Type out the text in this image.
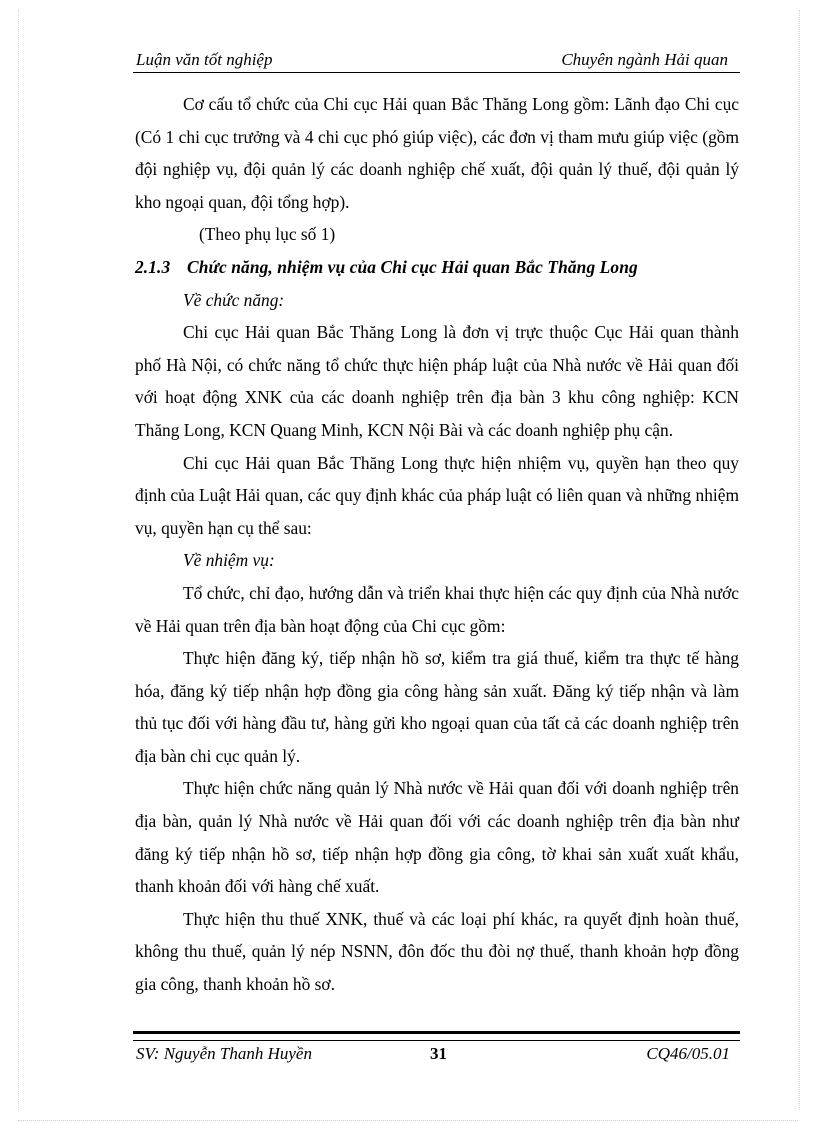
Luận văn tốt nghiệp	Chuyên ngành Hải quan

Cơ cấu tổ chức của Chi cục Hải quan Bắc Thăng Long gồm: Lãnh đạo Chi cục (Có 1 chi cục trưởng và 4 chi cục phó giúp việc), các đơn vị tham mưu giúp việc (gồm đội nghiệp vụ, đội quản lý các doanh nghiệp chế xuất, đội quản lý thuế, đội quản lý kho ngoại quan, đội tổng hợp).

(Theo phụ lục số 1)

2.1.3 Chức năng, nhiệm vụ của Chi cục Hải quan Bắc Thăng Long

Về chức năng:

Chi cục Hải quan Bắc Thăng Long là đơn vị trực thuộc Cục Hải quan thành phố Hà Nội, có chức năng tổ chức thực hiện pháp luật của Nhà nước về Hải quan đối với hoạt động XNK của các doanh nghiệp trên địa bàn 3 khu công nghiệp: KCN Thăng Long, KCN Quang Minh, KCN Nội Bài và các doanh nghiệp phụ cận.

Chi cục Hải quan Bắc Thăng Long thực hiện nhiệm vụ, quyền hạn theo quy định của Luật Hải quan, các quy định khác của pháp luật có liên quan và những nhiệm vụ, quyền hạn cụ thể sau:

Về nhiệm vụ:

Tổ chức, chỉ đạo, hướng dẫn và triển khai thực hiện các quy định của Nhà nước về Hải quan trên địa bàn hoạt động của Chi cục gồm:

Thực hiện đăng ký, tiếp nhận hồ sơ, kiểm tra giá thuế, kiểm tra thực tế hàng hóa, đăng ký tiếp nhận hợp đồng gia công hàng sản xuất. Đăng ký tiếp nhận và làm thủ tục đối với hàng đầu tư, hàng gửi kho ngoại quan của tất cả các doanh nghiệp trên địa bàn chi cục quản lý.

Thực hiện chức năng quản lý Nhà nước về Hải quan đối với doanh nghiệp trên địa bàn, quản lý Nhà nước về Hải quan đối với các doanh nghiệp trên địa bàn như đăng ký tiếp nhận hồ sơ, tiếp nhận hợp đồng gia công, tờ khai sản xuất xuất khẩu, thanh khoản đối với hàng chế xuất.

Thực hiện thu thuế XNK, thuế và các loại phí khác, ra quyết định hoàn thuế, không thu thuế, quản lý nép NSNN, đôn đốc thu đòi nợ thuế, thanh khoản hợp đồng gia công, thanh khoản hồ sơ.

SV: Nguyễn Thanh Huyền	31	CQ46/05.01
